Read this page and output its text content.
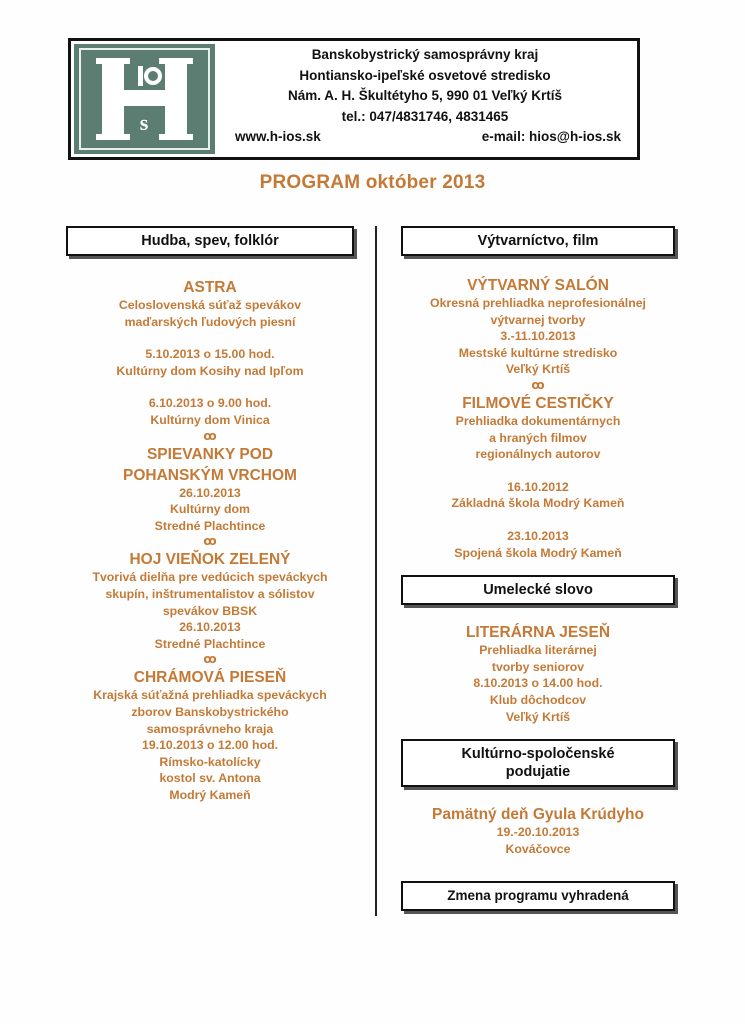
s
Banskobystrický samosprávny kraj
Hontiansko-ipeľské osvetové stredisko
Nám. A. H. Škultétyho 5, 990 01 Veľký Krtíš
tel.: 047/4831746, 4831465
www.h-ios.sk	e-mail: hios@h-ios.sk
PROGRAM október 2013
Hudba, spev, folklór
ASTRA
Celoslovenská súťaž spevákov
maďarských ľudových piesní
5.10.2013 o 15.00 hod.
Kultúrny dom Kosihy nad Ipľom
6.10.2013 o 9.00 hod.
Kultúrny dom Vinica
ꝏ
SPIEVANKY POD
POHANSKÝM VRCHOM
26.10.2013
Kultúrny dom
Stredné Plachtince
ꝏ
HOJ VIEŇOK ZELENÝ
Tvorivá dielňa pre vedúcich speváckych
skupín, inštrumentalistov a sólistov
spevákov BBSK
26.10.2013
Stredné Plachtince
ꝏ
CHRÁMOVÁ PIESEŇ
Krajská súťažná prehliadka speváckych
zborov Banskobystrického
samosprávneho kraja
19.10.2013 o 12.00 hod.
Rímsko-katolícky
kostol sv. Antona
Modrý Kameň
Výtvarníctvo, film
VÝTVARNÝ SALÓN
Okresná prehliadka neprofesionálnej
výtvarnej tvorby
3.-11.10.2013
Mestské kultúrne stredisko
Veľký Krtíš
ꝏ
FILMOVÉ CESTIČKY
Prehliadka dokumentárnych
a hraných filmov
regionálnych autorov
16.10.2012
Základná škola Modrý Kameň
23.10.2013
Spojená škola Modrý Kameň
Umelecké slovo
LITERÁRNA JESEŇ
Prehliadka literárnej
tvorby seniorov
8.10.2013 o 14.00 hod.
Klub dôchodcov
Veľký Krtíš
Kultúrno-spoločenské
podujatie
Pamätný deň Gyula Krúdyho
19.-20.10.2013
Kováčovce
Zmena programu vyhradená
